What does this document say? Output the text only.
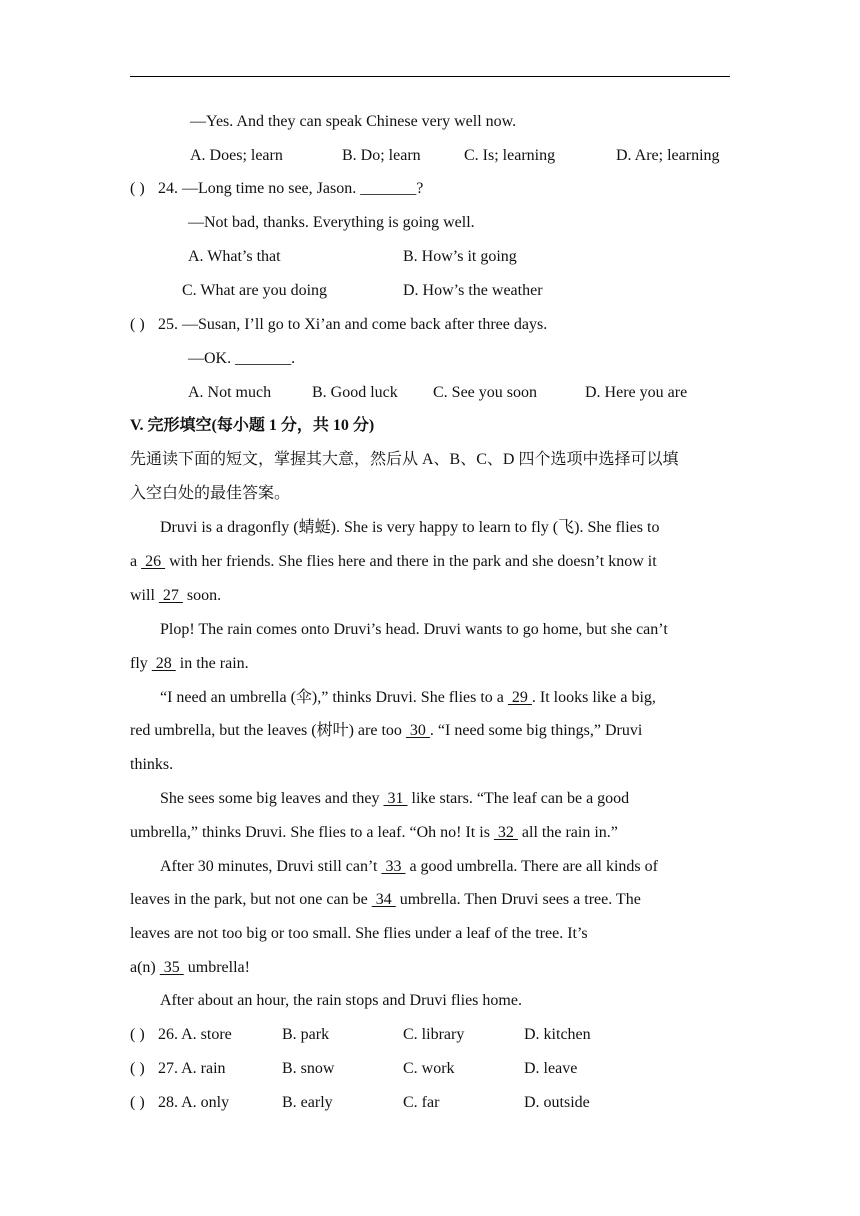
—Yes. And they can speak Chinese very well now.
A. Does; learn	B. Do; learn	C. Is; learning	D. Are; learning
( ) 24. —Long time no see, Jason. _______?
—Not bad, thanks. Everything is going well.
A. What’s that	B. How’s it going
C. What are you doing	D. How’s the weather
( ) 25. —Susan, I’ll go to Xi’an and come back after three days.
—OK. _______.
A. Not much	B. Good luck C. See you soon	D. Here you are
V. 完形填空(每小题 1 分，共 10 分)
先通读下面的短文，掌握其大意，然后从 A、B、C、D 四个选项中选择可以填
入空白处的最佳答案。
Druvi is a dragonfly (蜻蜓). She is very happy to learn to fly (飞). She flies to
a  26  with her friends. She flies here and there in the park and she doesn’t know it
will  27  soon.
Plop! The rain comes onto Druvi’s head. Druvi wants to go home, but she can’t
fly  28  in the rain.
“I need an umbrella (伞),” thinks Druvi. She flies to a  29 . It looks like a big,
red umbrella, but the leaves (树叶) are too  30 . “I need some big things,” Druvi
thinks.
She sees some big leaves and they  31  like stars. “The leaf can be a good
umbrella,” thinks Druvi. She flies to a leaf. “Oh no! It is  32  all the rain in.”
After 30 minutes, Druvi still can’t  33  a good umbrella. There are all kinds of
leaves in the park, but not one can be  34  umbrella. Then Druvi sees a tree. The
leaves are not too big or too small. She flies under a leaf of the tree. It’s
a(n)  35  umbrella!
After about an hour, the rain stops and Druvi flies home.
( ) 26. A. store	B. park	C. library	D. kitchen
( ) 27. A. rain	B. snow	C. work	D. leave
( ) 28. A. only	B. early	C. far	D. outside
